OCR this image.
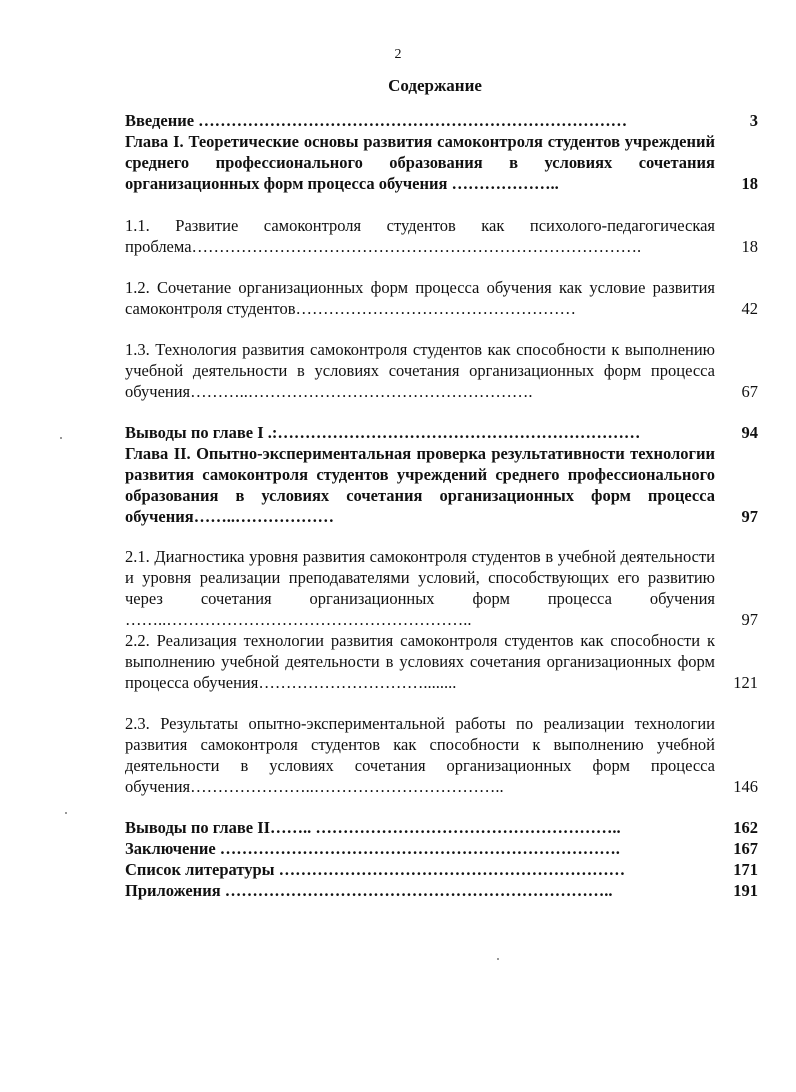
2
Содержание
Введение ……………………………………………………………………	3
Глава I. Теоретические основы развития самоконтроля студентов учреждений среднего профессионального образования в условиях сочетания организационных форм процесса обучения ………………..	18
1.1. Развитие самоконтроля студентов как психолого-педагогическая проблема……………………………………………………………………….	18
1.2. Сочетание организационных форм процесса обучения как условие развития самоконтроля студентов……………………………………………	42
1.3. Технология развития самоконтроля студентов как способности к выполнению учебной деятельности в условиях сочетания организационных форм процесса обучения………..…………………………………………….	67
Выводы по главе I .:…………………………………………………………	94
Глава II. Опытно-экспериментальная проверка результативности технологии развития самоконтроля студентов учреждений среднего профессионального образования в условиях сочетания организационных форм процесса обучения……..………………	97
2.1. Диагностика уровня развития самоконтроля студентов в учебной деятельности и уровня реализации преподавателями условий, способствующих его развитию через сочетания организационных форм процесса обучения ……..………………………………………………..	97
2.2. Реализация технологии развития самоконтроля студентов как способности к выполнению учебной деятельности в условиях сочетания организационных форм процесса обучения…………………………........	121
2.3. Результаты опытно-экспериментальной работы по реализации технологии развития самоконтроля студентов как способности к выполнению учебной деятельности в условиях сочетания организационных форм процесса обучения…………………..……………………………..	146
Выводы по главе II…….. ………………………………………………..	162
Заключение ……………………………………………………………….	167
Список литературы ………………………………………………………	171
Приложения ……………………………………………………………..	191
